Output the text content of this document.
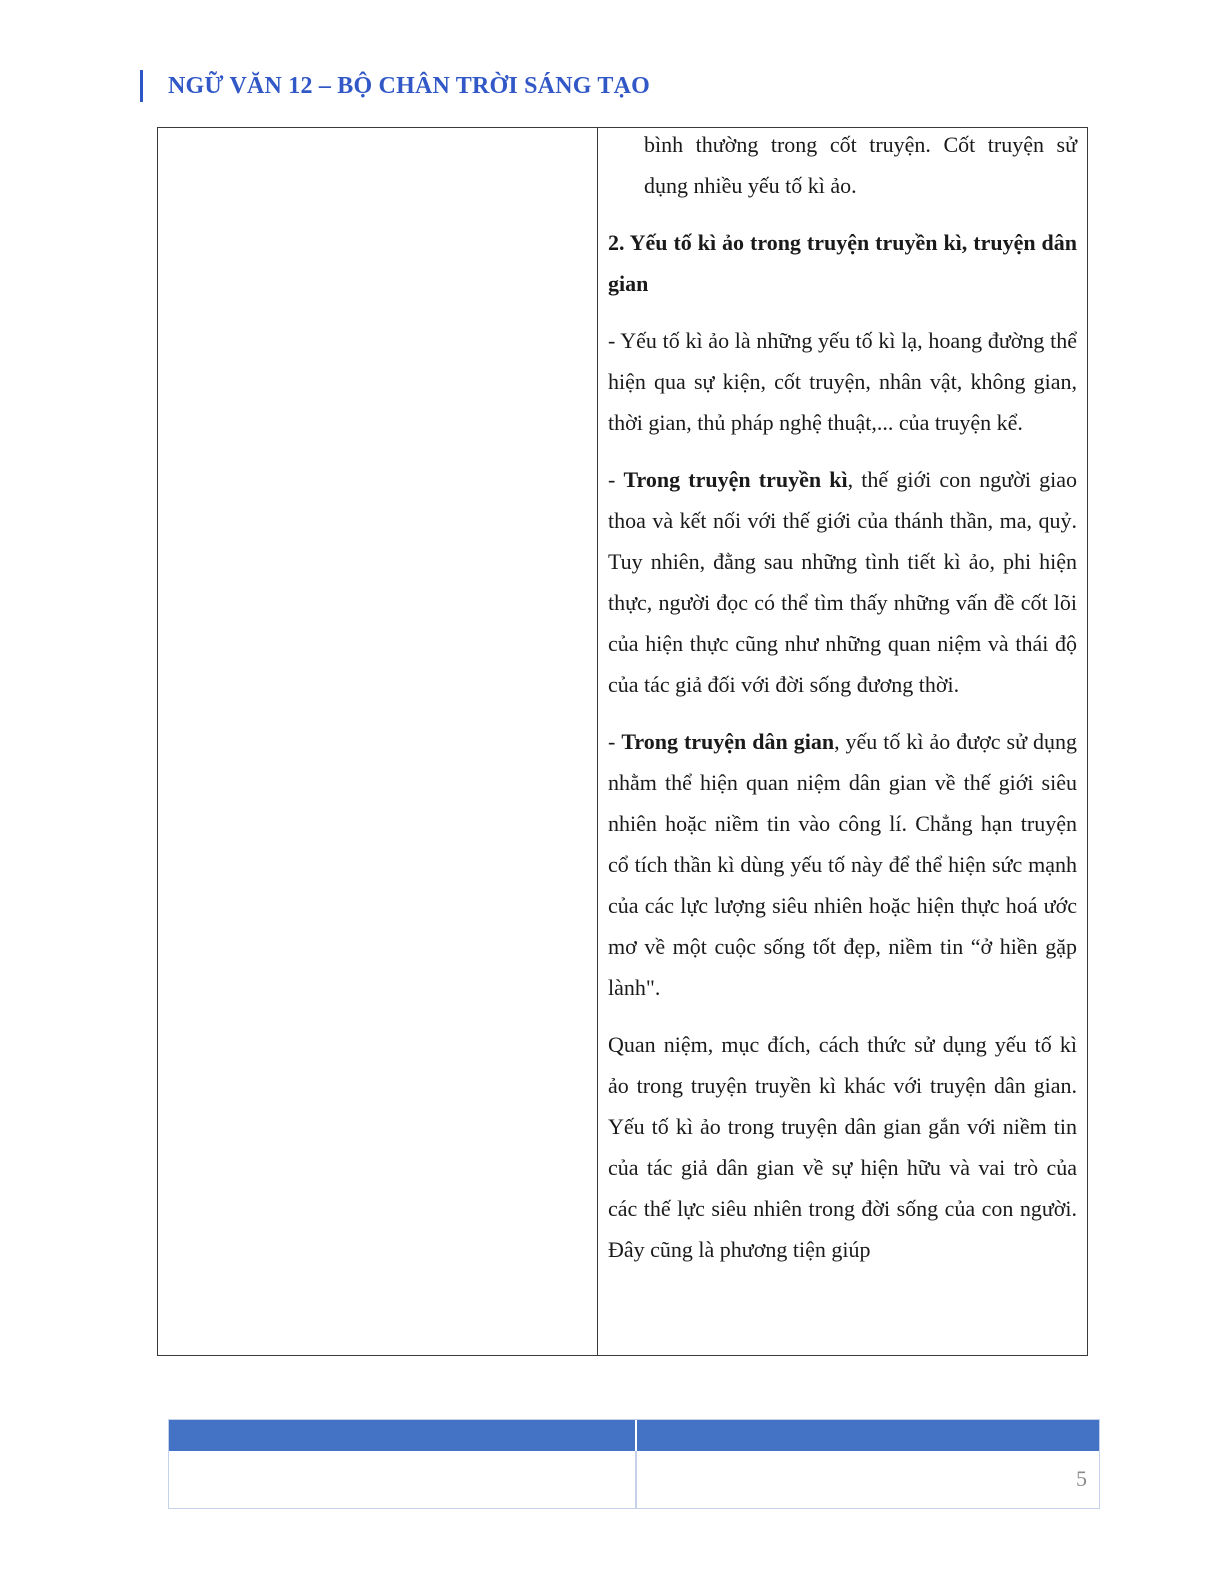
NGỮ VĂN 12 – BỘ CHÂN TRỜI SÁNG TẠO

bình thường trong cốt truyện. Cốt truyện sử dụng nhiều yếu tố kì ảo.

2. Yếu tố kì ảo trong truyện truyền kì, truyện dân gian

- Yếu tố kì ảo là những yếu tố kì lạ, hoang đường thể hiện qua sự kiện, cốt truyện, nhân vật, không gian, thời gian, thủ pháp nghệ thuật,... của truyện kể.

- Trong truyện truyền kì, thế giới con người giao thoa và kết nối với thế giới của thánh thần, ma, quỷ. Tuy nhiên, đằng sau những tình tiết kì ảo, phi hiện thực, người đọc có thể tìm thấy những vấn đề cốt lõi của hiện thực cũng như những quan niệm và thái độ của tác giả đối với đời sống đương thời.

- Trong truyện dân gian, yếu tố kì ảo được sử dụng nhằm thể hiện quan niệm dân gian về thế giới siêu nhiên hoặc niềm tin vào công lí. Chẳng hạn truyện cổ tích thần kì dùng yếu tố này để thể hiện sức mạnh của các lực lượng siêu nhiên hoặc hiện thực hoá ước mơ về một cuộc sống tốt đẹp, niềm tin “ở hiền gặp lành".

Quan niệm, mục đích, cách thức sử dụng yếu tố kì ảo trong truyện truyền kì khác với truyện dân gian. Yếu tố kì ảo trong truyện dân gian gắn với niềm tin của tác giả dân gian về sự hiện hữu và vai trò của các thế lực siêu nhiên trong đời sống của con người. Đây cũng là phương tiện giúp

5
